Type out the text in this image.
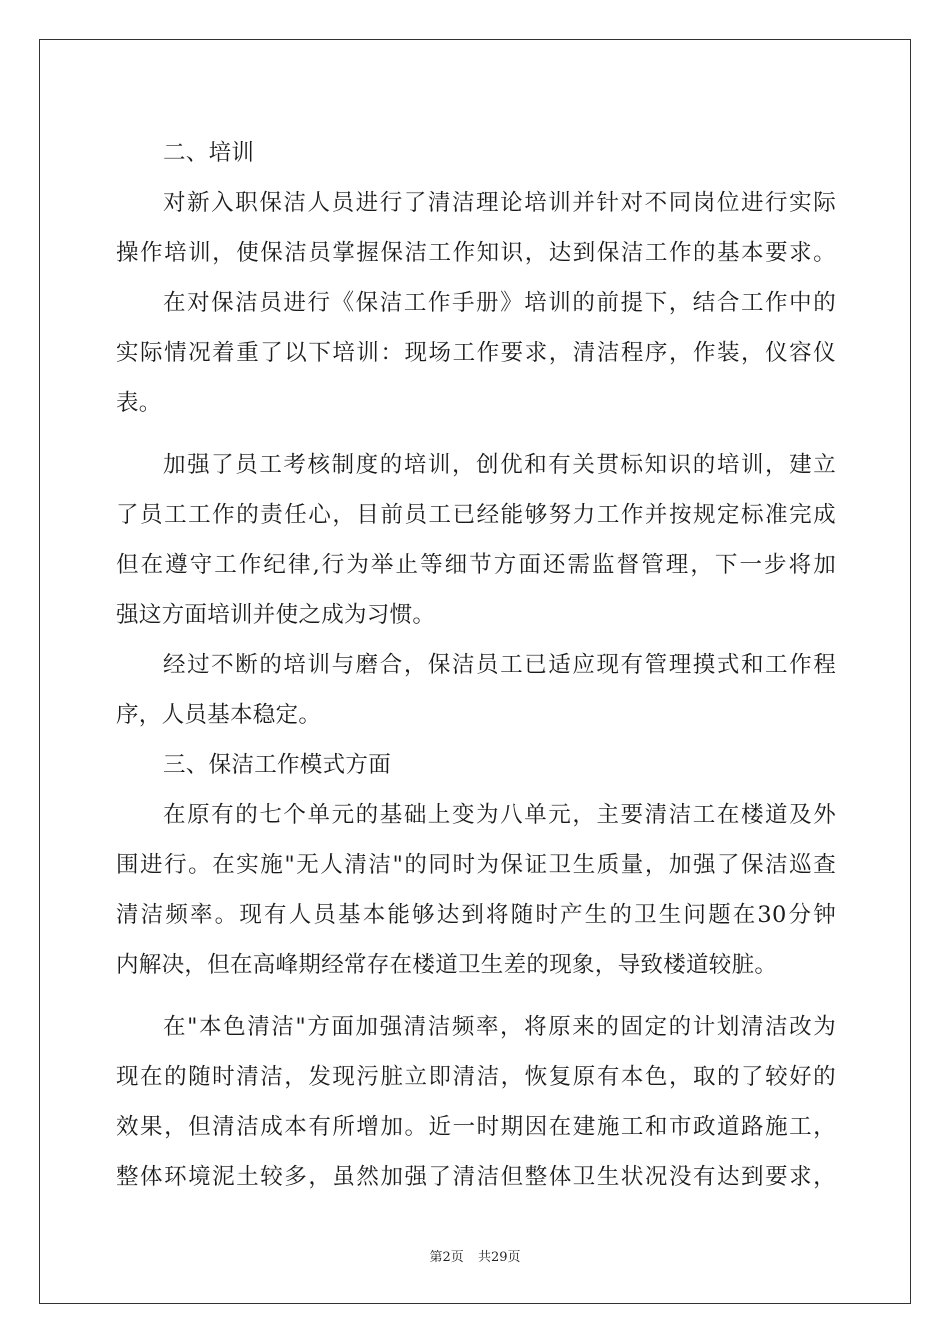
二、培训
对新入职保洁人员进行了清洁理论培训并针对不同岗位进行实际
操作培训，使保洁员掌握保洁工作知识，达到保洁工作的基本要求。
在对保洁员进行《保洁工作手册》培训的前提下，结合工作中的
实际情况着重了以下培训：现场工作要求，清洁程序，作装，仪容仪
表。
加强了员工考核制度的培训，创优和有关贯标知识的培训，建立
了员工工作的责任心，目前员工已经能够努力工作并按规定标准完成
但在遵守工作纪律,行为举止等细节方面还需监督管理，下一步将加
强这方面培训并使之成为习惯。
经过不断的培训与磨合，保洁员工已适应现有管理摸式和工作程
序，人员基本稳定。
三、保洁工作模式方面
在原有的七个单元的基础上变为八单元，主要清洁工在楼道及外
围进行。在实施"无人清洁"的同时为保证卫生质量，加强了保洁巡查
清洁频率。现有人员基本能够达到将随时产生的卫生问题在30分钟
内解决，但在高峰期经常存在楼道卫生差的现象，导致楼道较脏。
在"本色清洁"方面加强清洁频率，将原来的固定的计划清洁改为
现在的随时清洁，发现污脏立即清洁，恢复原有本色，取的了较好的
效果，但清洁成本有所增加。近一时期因在建施工和市政道路施工，
整体环境泥土较多，虽然加强了清洁但整体卫生状况没有达到要求，
第2页 共29页
